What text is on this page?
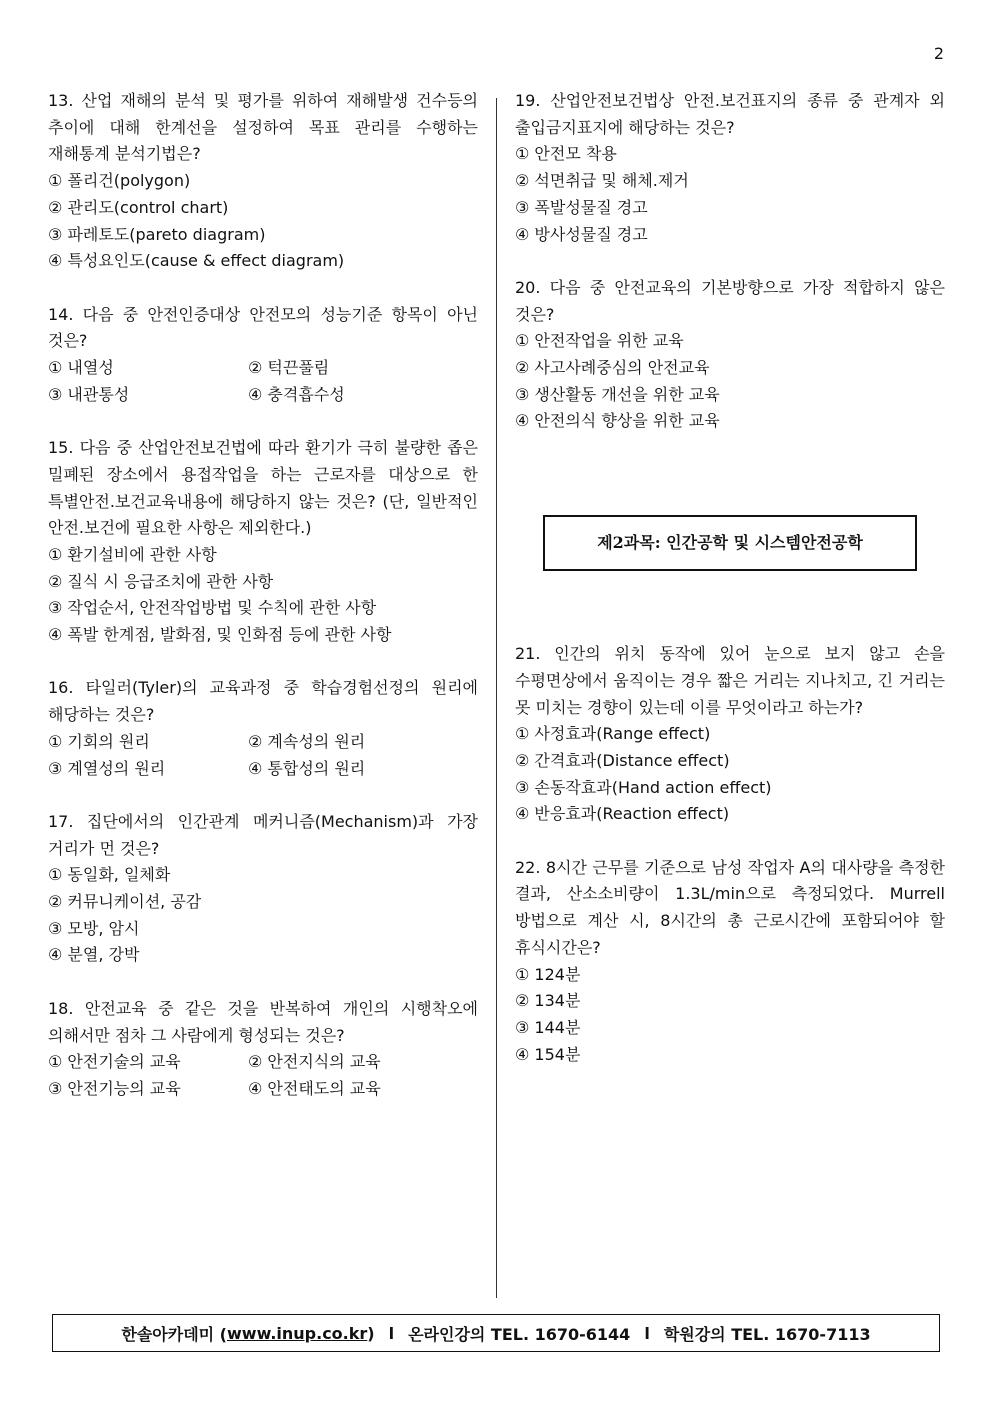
2
13. 산업 재해의 분석 및 평가를 위하여 재해발생 건수등의 추이에 대해 한계선을 설정하여 목표 관리를 수행하는 재해통계 분석기법은?
① 폴리건(polygon)
② 관리도(control chart)
③ 파레토도(pareto diagram)
④ 특성요인도(cause & effect diagram)
14. 다음 중 안전인증대상 안전모의 성능기준 항목이 아닌 것은?
① 내열성	② 턱끈풀림
③ 내관통성	④ 충격흡수성
15. 다음 중 산업안전보건법에 따라 환기가 극히 불량한 좁은 밀폐된 장소에서 용접작업을 하는 근로자를 대상으로 한 특별안전.보건교육내용에 해당하지 않는 것은? (단, 일반적인 안전.보건에 필요한 사항은 제외한다.)
① 환기설비에 관한 사항
② 질식 시 응급조치에 관한 사항
③ 작업순서, 안전작업방법 및 수칙에 관한 사항
④ 폭발 한계점, 발화점, 및 인화점 등에 관한 사항
16. 타일러(Tyler)의 교육과정 중 학습경험선정의 원리에 해당하는 것은?
① 기회의 원리	② 계속성의 원리
③ 계열성의 원리	④ 통합성의 원리
17. 집단에서의 인간관계 메커니즘(Mechanism)과 가장 거리가 먼 것은?
① 동일화, 일체화
② 커뮤니케이션, 공감
③ 모방, 암시
④ 분열, 강박
18. 안전교육 중 같은 것을 반복하여 개인의 시행착오에 의해서만 점차 그 사람에게 형성되는 것은?
① 안전기술의 교육	② 안전지식의 교육
③ 안전기능의 교육	④ 안전태도의 교육
19. 산업안전보건법상 안전.보건표지의 종류 중 관계자 외 출입금지표지에 해당하는 것은?
① 안전모 착용
② 석면취급 및 해체.제거
③ 폭발성물질 경고
④ 방사성물질 경고
20. 다음 중 안전교육의 기본방향으로 가장 적합하지 않은 것은?
① 안전작업을 위한 교육
② 사고사례중심의 안전교육
③ 생산활동 개선을 위한 교육
④ 안전의식 향상을 위한 교육
제2과목: 인간공학 및 시스템안전공학
21. 인간의 위치 동작에 있어 눈으로 보지 않고 손을 수평면상에서 움직이는 경우 짧은 거리는 지나치고, 긴 거리는 못 미치는 경향이 있는데 이를 무엇이라고 하는가?
① 사정효과(Range effect)
② 간격효과(Distance effect)
③ 손동작효과(Hand action effect)
④ 반응효과(Reaction effect)
22. 8시간 근무를 기준으로 남성 작업자 A의 대사량을 측정한 결과, 산소소비량이 1.3L/min으로 측정되었다. Murrell 방법으로 계산 시, 8시간의 총 근로시간에 포함되어야 할 휴식시간은?
① 124분
② 134분
③ 144분
④ 154분
한솔아카데미 ( www.inup.co.kr ) l 온라인강의 TEL. 1670-6144 l 학원강의 TEL. 1670-7113
